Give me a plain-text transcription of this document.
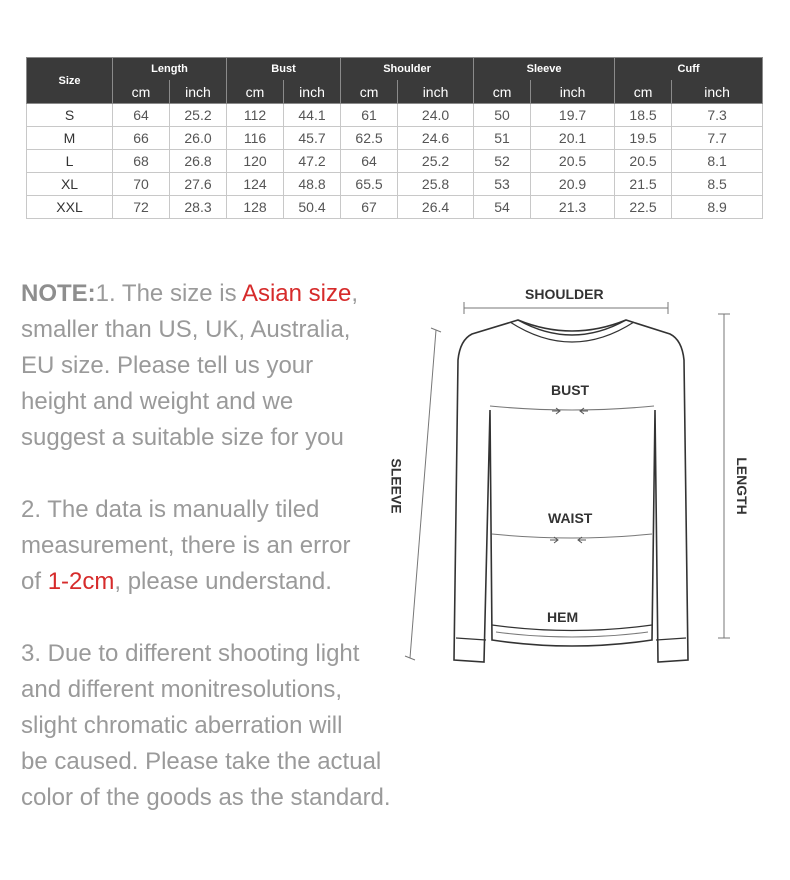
Size	Length		Bust		Shoulder		Sleeve		Cuff	
	cm	inch	cm	inch	cm	inch	cm	inch	cm	inch
S	64	25.2	112	44.1	61	24.0	50	19.7	18.5	7.3
M	66	26.0	116	45.7	62.5	24.6	51	20.1	19.5	7.7
L	68	26.8	120	47.2	64	25.2	52	20.5	20.5	8.1
XL	70	27.6	124	48.8	65.5	25.8	53	20.9	21.5	8.5
XXL	72	28.3	128	50.4	67	26.4	54	21.3	22.5	8.9

NOTE:1. The size is Asian size,

smaller than US, UK, Australia,

EU size. Please tell us your

height and weight and we

suggest a suitable size for you

2. The data is manually tiled

measurement, there is an error

of 1-2cm, please understand.

3. Due to different shooting light

and different monitresolutions,

slight chromatic aberration will

be caused. Please take the actual

color of the goods as the standard.

SHOULDER
BUST
WAIST
HEM
SLEEVE	LENGTH
